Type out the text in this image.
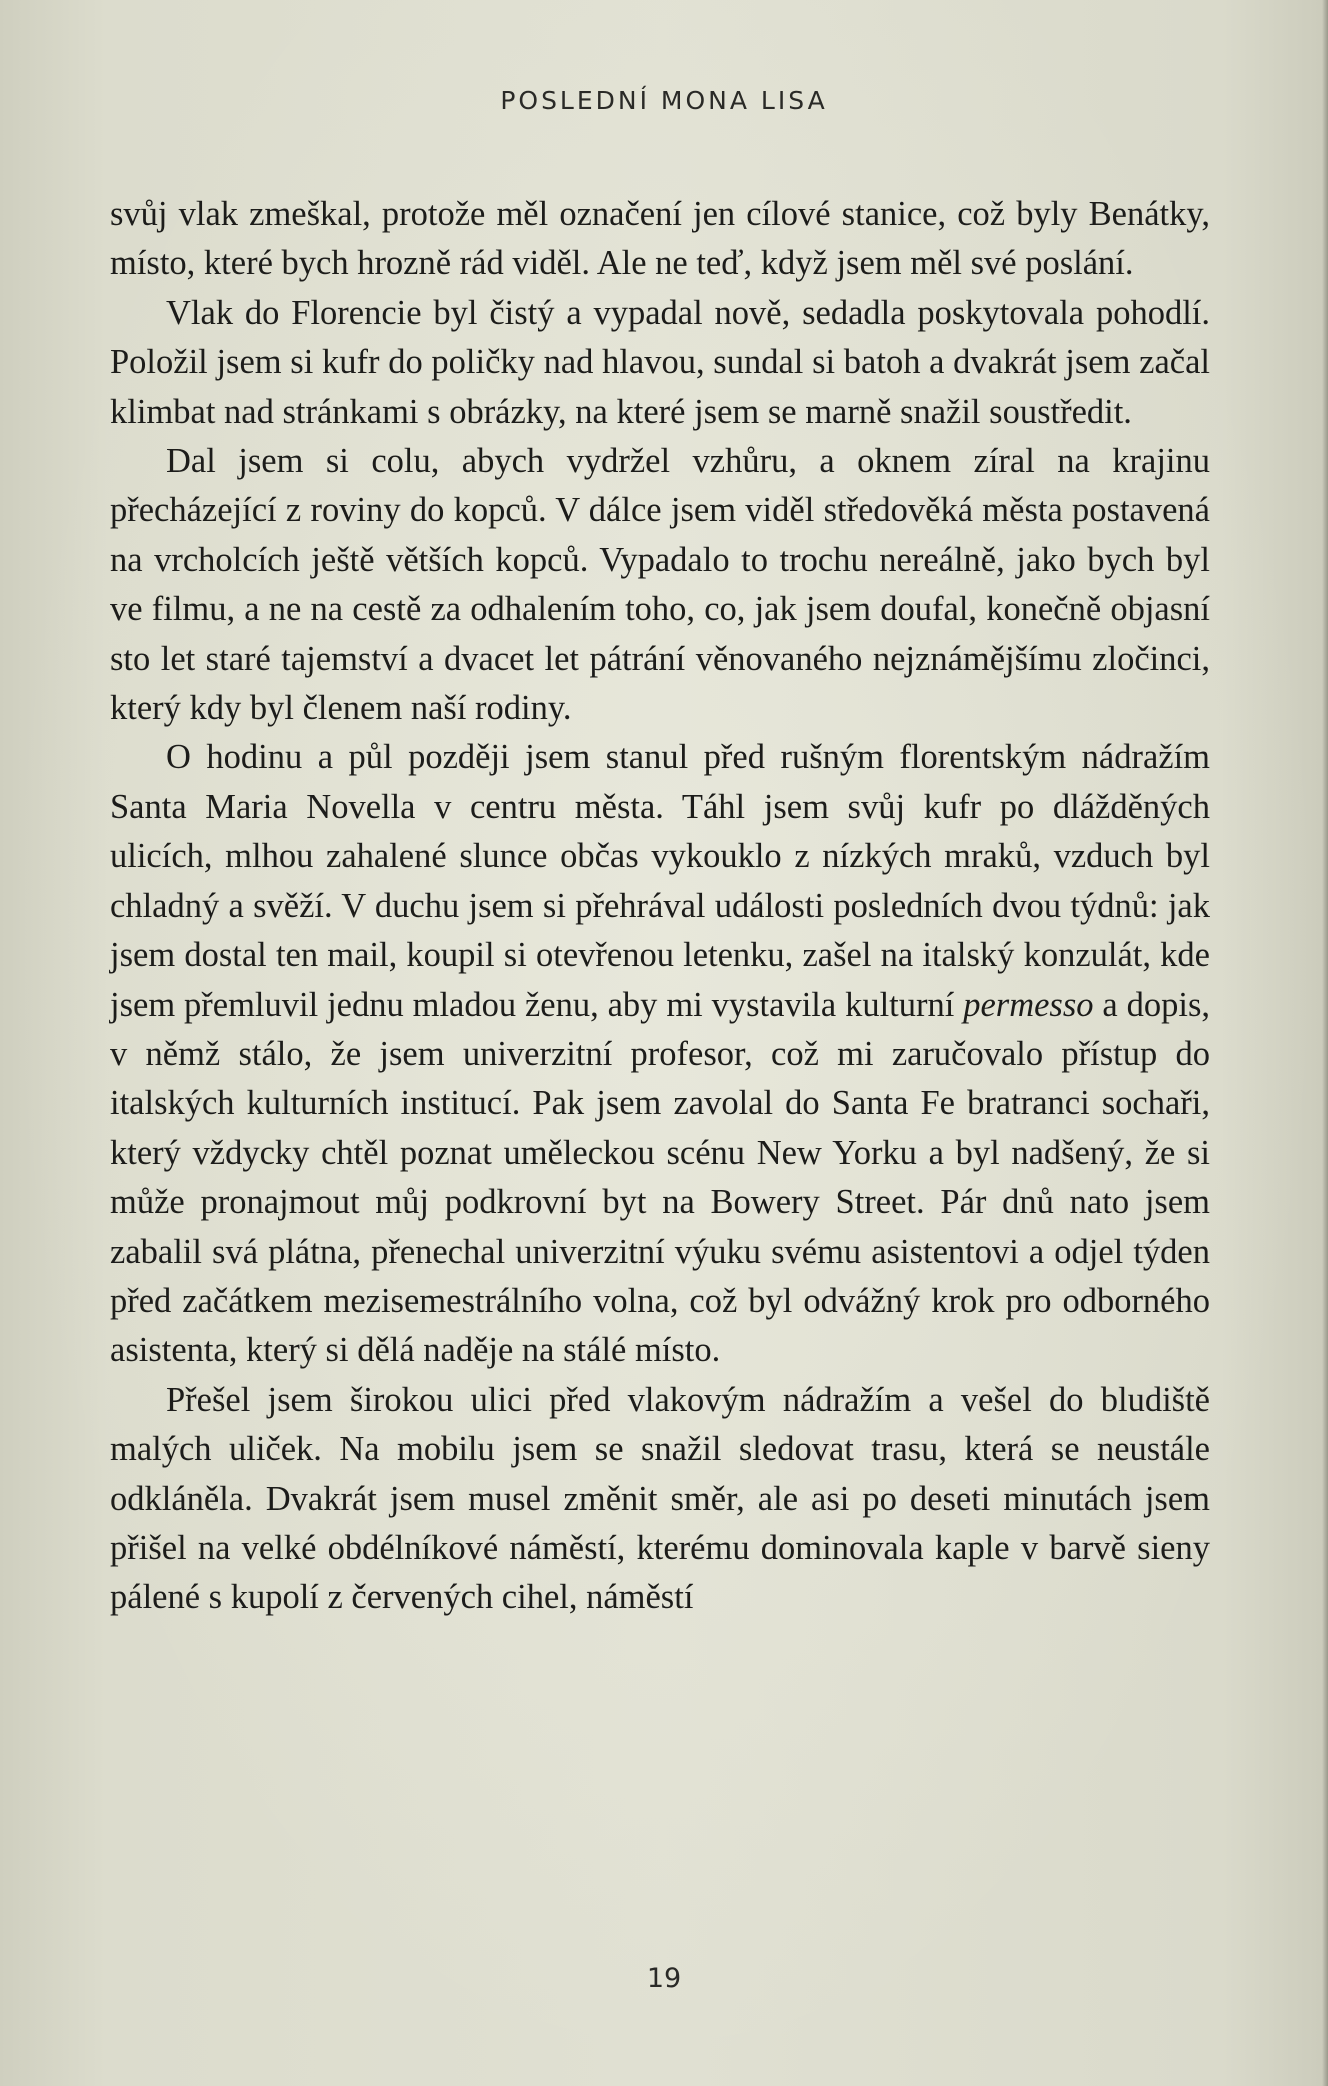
POSLEDNÍ MONA LISA

svůj vlak zmeškal, protože měl označení jen cílové stanice, což byly Benátky, místo, které bych hrozně rád viděl. Ale ne teď, když jsem měl své poslání.

Vlak do Florencie byl čistý a vypadal nově, sedadla poskytovala pohodlí. Položil jsem si kufr do poličky nad hlavou, sundal si batoh a dvakrát jsem začal klimbat nad stránkami s obrázky, na které jsem se marně snažil soustředit.

Dal jsem si colu, abych vydržel vzhůru, a oknem zíral na krajinu přecházející z roviny do kopců. V dálce jsem viděl středověká města postavená na vrcholcích ještě větších kopců. Vypadalo to trochu nereálně, jako bych byl ve filmu, a ne na cestě za odhalením toho, co, jak jsem doufal, konečně objasní sto let staré tajemství a dvacet let pátrání věnovaného nejznámějšímu zločinci, který kdy byl členem naší rodiny.

O hodinu a půl později jsem stanul před rušným florentským nádražím Santa Maria Novella v centru města. Táhl jsem svůj kufr po dlážděných ulicích, mlhou zahalené slunce občas vykouklo z nízkých mraků, vzduch byl chladný a svěží. V duchu jsem si přehrával události posledních dvou týdnů: jak jsem dostal ten mail, koupil si otevřenou letenku, zašel na italský konzulát, kde jsem přemluvil jednu mladou ženu, aby mi vystavila kulturní permesso a dopis, v němž stálo, že jsem univerzitní profesor, což mi zaručovalo přístup do italských kulturních institucí. Pak jsem zavolal do Santa Fe bratranci sochaři, který vždycky chtěl poznat uměleckou scénu New Yorku a byl nadšený, že si může pronajmout můj podkrovní byt na Bowery Street. Pár dnů nato jsem zabalil svá plátna, přenechal univerzitní výuku svému asistentovi a odjel týden před začátkem mezisemestrálního volna, což byl odvážný krok pro odborného asistenta, který si dělá naděje na stálé místo.

Přešel jsem širokou ulici před vlakovým nádražím a vešel do bludiště malých uliček. Na mobilu jsem se snažil sledovat trasu, která se neustále odkláněla. Dvakrát jsem musel změnit směr, ale asi po deseti minutách jsem přišel na velké obdélníkové náměstí, kterému dominovala kaple v barvě sieny pálené s kupolí z červených cihel, náměstí

19
